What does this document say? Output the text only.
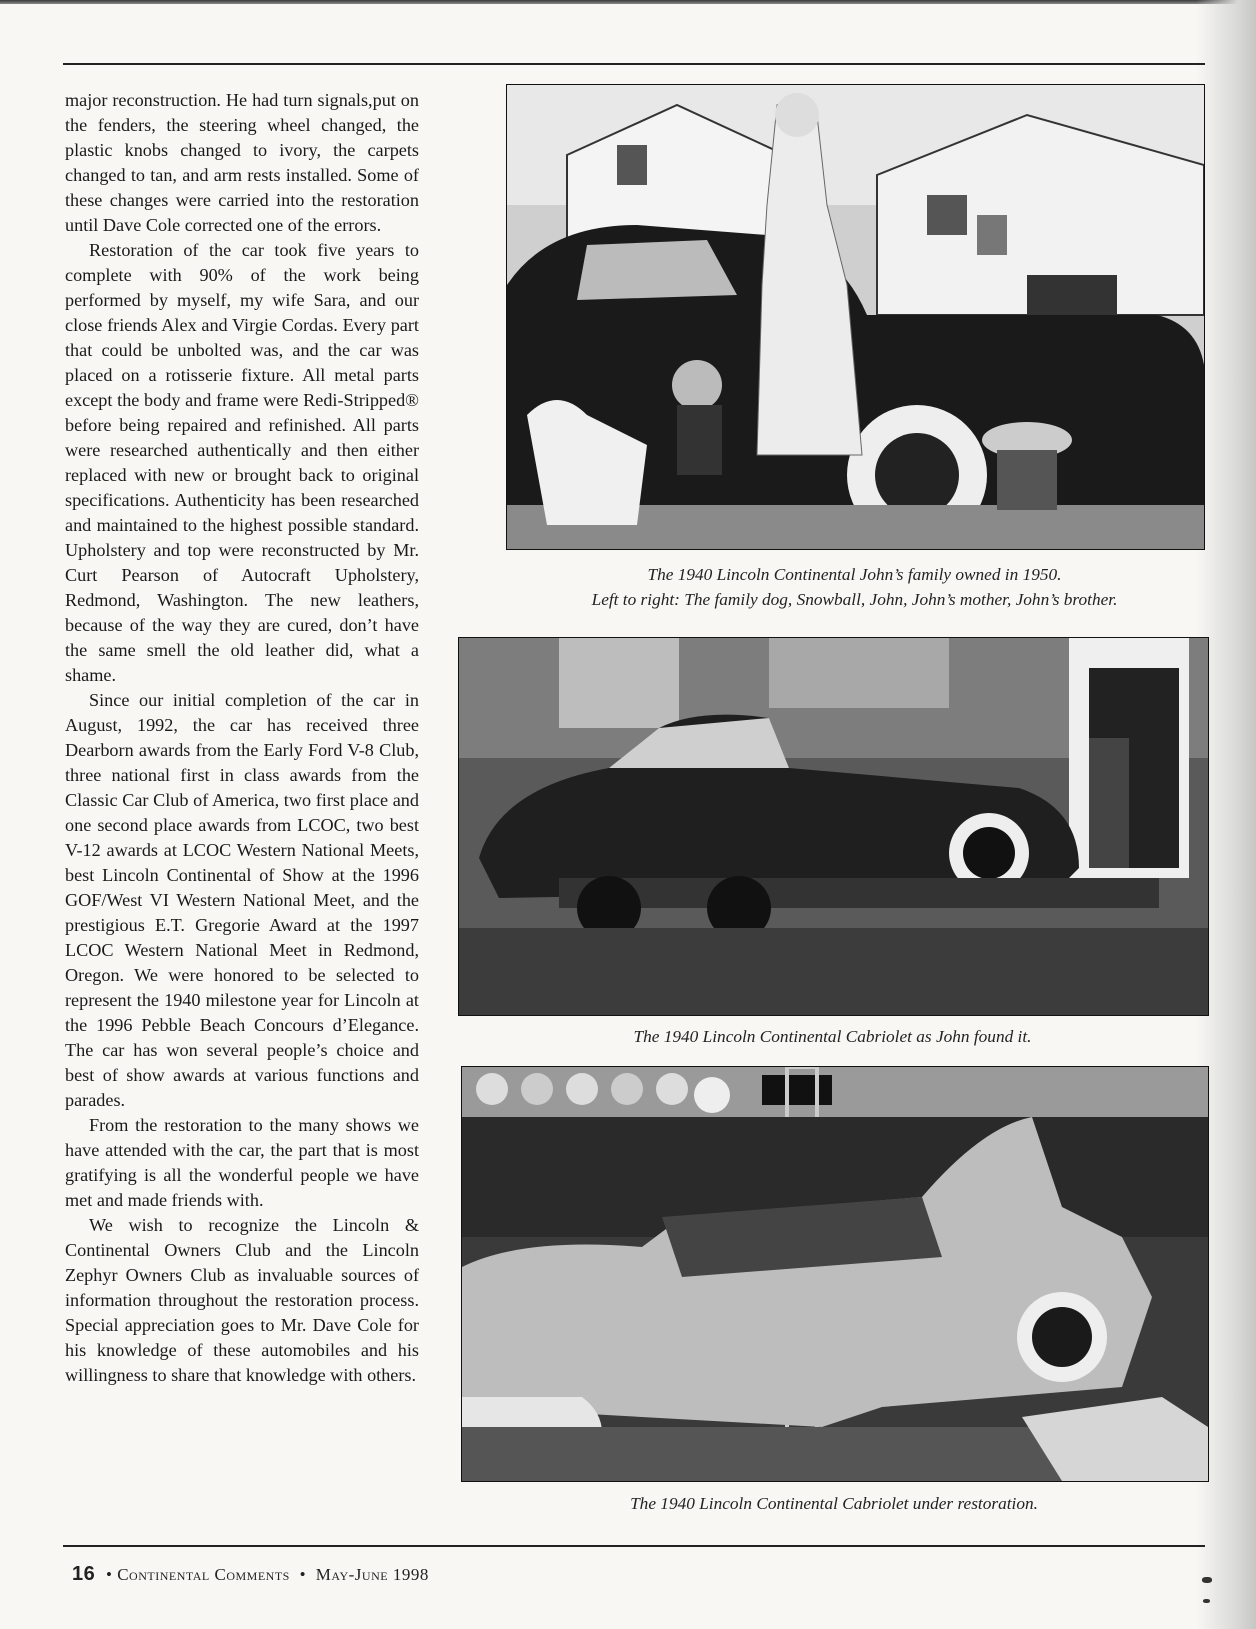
major reconstruction. He had turn signals,put on the fenders, the steering wheel changed, the plastic knobs changed to ivory, the carpets changed to tan, and arm rests installed. Some of these changes were carried into the restoration until Dave Cole corrected one of the errors.

Restoration of the car took five years to complete with 90% of the work being performed by myself, my wife Sara, and our close friends Alex and Virgie Cordas. Every part that could be unbolted was, and the car was placed on a rotisserie fixture. All metal parts except the body and frame were Redi-Stripped® before being repaired and refinished. All parts were researched authentically and then either replaced with new or brought back to original specifications. Authenticity has been researched and maintained to the highest possible standard. Upholstery and top were reconstructed by Mr. Curt Pearson of Autocraft Upholstery, Redmond, Washington. The new leathers, because of the way they are cured, don’t have the same smell the old leather did, what a shame.

Since our initial completion of the car in August, 1992, the car has received three Dearborn awards from the Early Ford V-8 Club, three national first in class awards from the Classic Car Club of America, two first place and one second place awards from LCOC, two best V-12 awards at LCOC Western National Meets, best Lincoln Continental of Show at the 1996 GOF/West VI Western National Meet, and the prestigious E.T. Gregorie Award at the 1997 LCOC Western National Meet in Redmond, Oregon. We were honored to be selected to represent the 1940 milestone year for Lincoln at the 1996 Pebble Beach Concours d’Elegance. The car has won several people’s choice and best of show awards at various functions and parades.

From the restoration to the many shows we have attended with the car, the part that is most gratifying is all the wonderful people we have met and made friends with.

We wish to recognize the Lincoln & Continental Owners Club and the Lincoln Zephyr Owners Club as invaluable sources of information throughout the restoration process. Special appreciation goes to Mr. Dave Cole for his knowledge of these automobiles and his willingness to share that knowledge with others.

The 1940 Lincoln Continental John’s family owned in 1950.
Left to right: The family dog, Snowball, John, John’s mother, John’s brother.
The 1940 Lincoln Continental Cabriolet as John found it.
The 1940 Lincoln Continental Cabriolet under restoration.
16 • Continental Comments • May-June 1998
